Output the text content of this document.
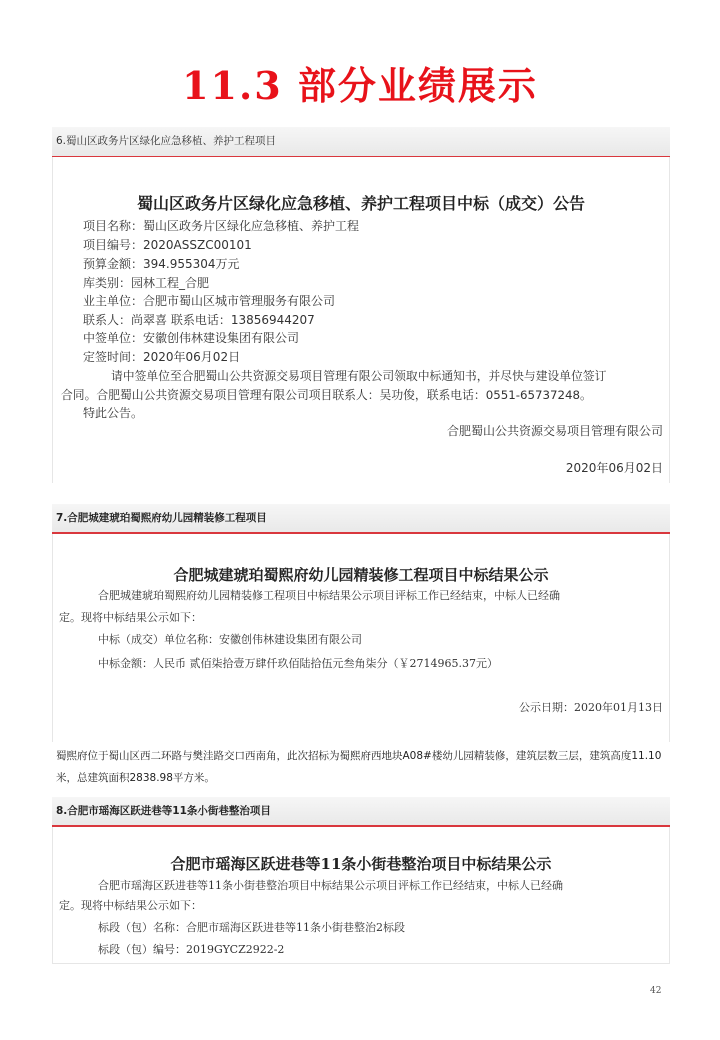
11.3 部分业绩展示
6.蜀山区政务片区绿化应急移植、养护工程项目
蜀山区政务片区绿化应急移植、养护工程项目中标（成交）公告
项目名称：蜀山区政务片区绿化应急移植、养护工程
项目编号：2020ASSZC00101
预算金额：394.955304万元
库类别：园林工程_合肥
业主单位：合肥市蜀山区城市管理服务有限公司
联系人：尚翠喜 联系电话：13856944207
中签单位：安徽创伟林建设集团有限公司
定签时间：2020年06月02日
请中签单位至合肥蜀山公共资源交易项目管理有限公司领取中标通知书，并尽快与建设单位签订
合同。合肥蜀山公共资源交易项目管理有限公司项目联系人：吴功俊，联系电话：0551-65737248。
特此公告。
合肥蜀山公共资源交易项目管理有限公司
2020年06月02日
7.合肥城建琥珀蜀熙府幼儿园精装修工程项目
合肥城建琥珀蜀熙府幼儿园精装修工程项目中标结果公示
合肥城建琥珀蜀熙府幼儿园精装修工程项目中标结果公示项目评标工作已经结束，中标人已经确
定。现将中标结果公示如下：
中标（成交）单位名称：安徽创伟林建设集团有限公司
中标金额：人民币 贰佰柒拾壹万肆仟玖佰陆拾伍元叁角柒分（￥2714965.37元）
公示日期：2020年01月13日
蜀熙府位于蜀山区西二环路与樊洼路交口西南角，此次招标为蜀熙府西地块A08#楼幼儿园精装修，建筑层数三层，建筑高度11.10
米，总建筑面积2838.98平方米。
8.合肥市瑶海区跃进巷等11条小街巷整治项目
合肥市瑶海区跃进巷等11条小街巷整治项目中标结果公示
合肥市瑶海区跃进巷等11条小街巷整治项目中标结果公示项目评标工作已经结束，中标人已经确
定。现将中标结果公示如下：
标段（包）名称：合肥市瑶海区跃进巷等11条小街巷整治2标段
标段（包）编号：2019GYCZ2922-2
42
